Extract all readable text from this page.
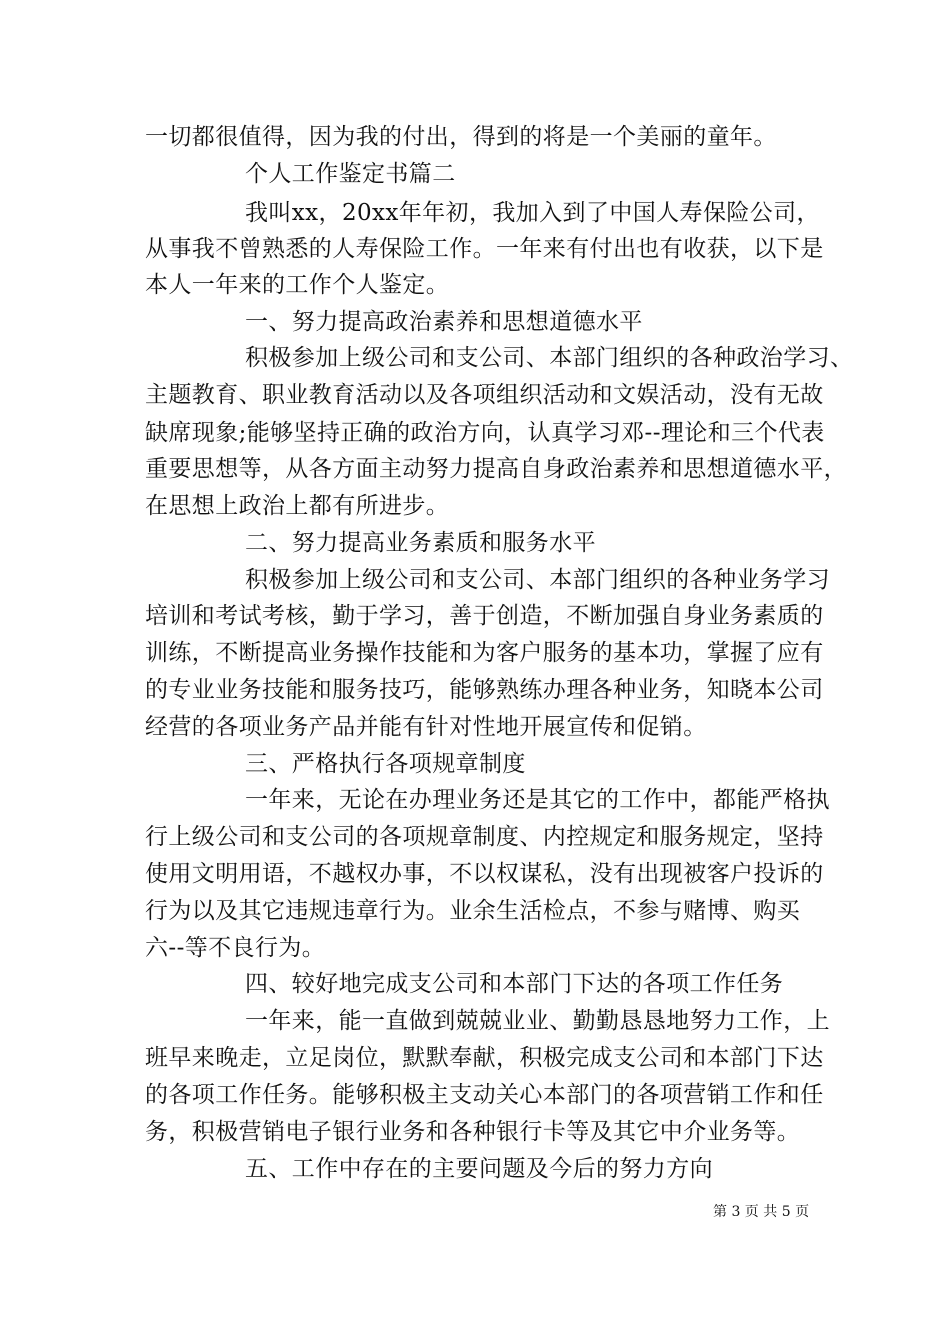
一切都很值得，因为我的付出，得到的将是一个美丽的童年。
个人工作鉴定书篇二
我叫xx，20xx年年初，我加入到了中国人寿保险公司，
从事我不曾熟悉的人寿保险工作。一年来有付出也有收获，以下是
本人一年来的工作个人鉴定。
一、努力提高政治素养和思想道德水平
积极参加上级公司和支公司、本部门组织的各种政治学习、
主题教育、职业教育活动以及各项组织活动和文娱活动，没有无故
缺席现象;能够坚持正确的政治方向，认真学习邓--理论和三个代表
重要思想等，从各方面主动努力提高自身政治素养和思想道德水平，
在思想上政治上都有所进步。
二、努力提高业务素质和服务水平
积极参加上级公司和支公司、本部门组织的各种业务学习
培训和考试考核，勤于学习，善于创造，不断加强自身业务素质的
训练，不断提高业务操作技能和为客户服务的基本功，掌握了应有
的专业业务技能和服务技巧，能够熟练办理各种业务，知晓本公司
经营的各项业务产品并能有针对性地开展宣传和促销。
三、严格执行各项规章制度
一年来，无论在办理业务还是其它的工作中，都能严格执
行上级公司和支公司的各项规章制度、内控规定和服务规定，坚持
使用文明用语，不越权办事，不以权谋私，没有出现被客户投诉的
行为以及其它违规违章行为。业余生活检点，不参与赌博、购买
六--等不良行为。
四、较好地完成支公司和本部门下达的各项工作任务
一年来，能一直做到兢兢业业、勤勤恳恳地努力工作，上
班早来晚走，立足岗位，默默奉献，积极完成支公司和本部门下达
的各项工作任务。能够积极主支动关心本部门的各项营销工作和任
务，积极营销电子银行业务和各种银行卡等及其它中介业务等。
五、工作中存在的主要问题及今后的努力方向
第 3 页 共 5 页
